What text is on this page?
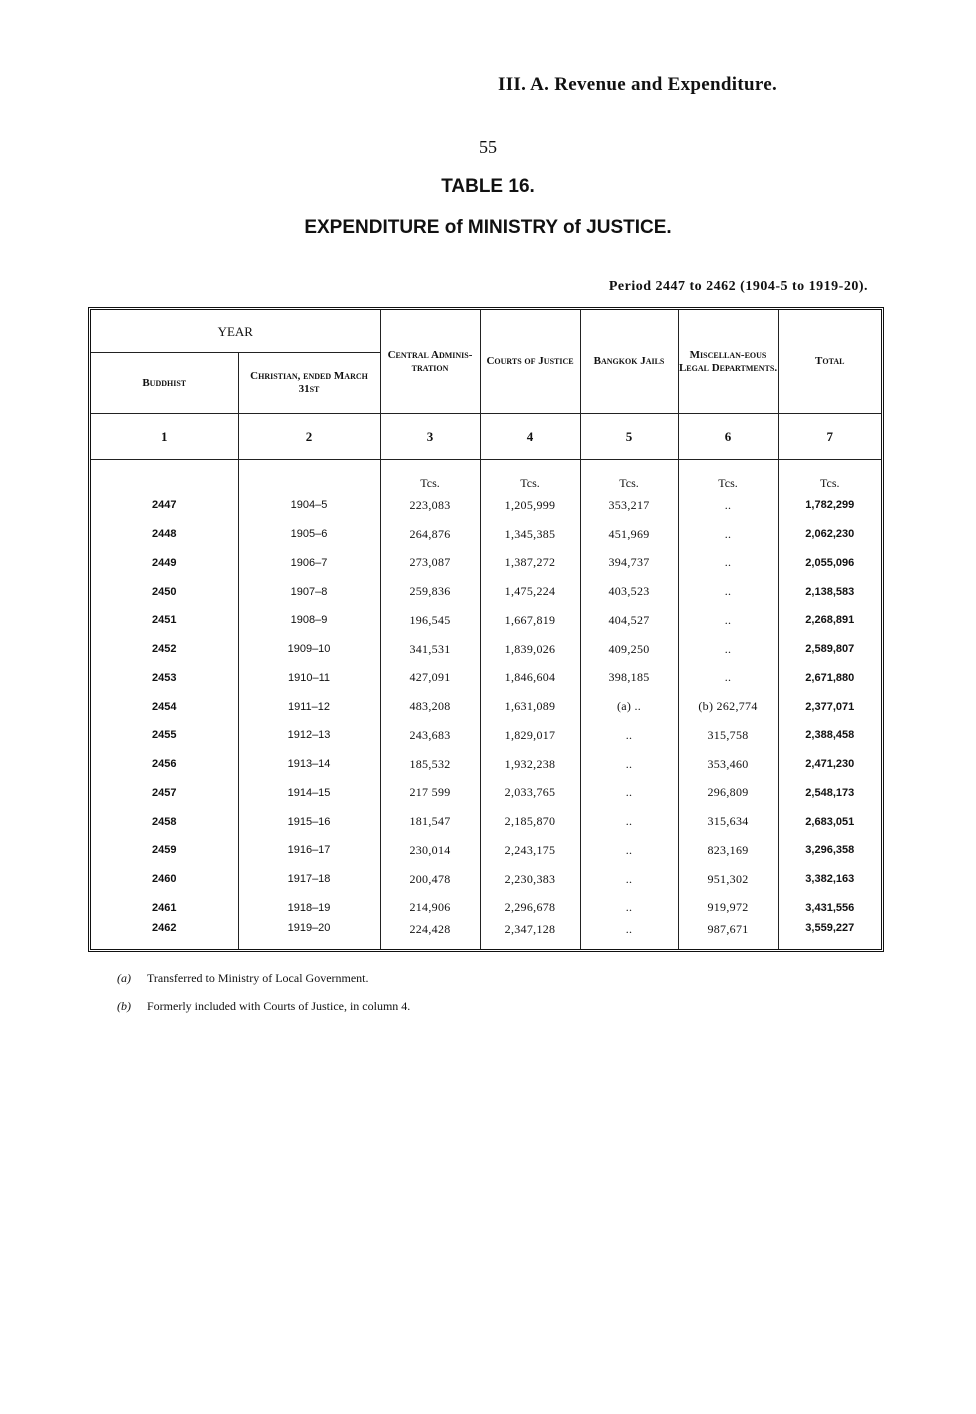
III. A. Revenue and Expenditure.
55
TABLE 16.
EXPENDITURE of MINISTRY of JUSTICE.
Period 2447 to 2462 (1904-5 to 1919-20).
YEAR		Central Adminis-tration	Courts of Justice	Bangkok Jails	Miscellan-eous Legal Departments.	Total
Buddhist	Christian, ended March 31st					
1	2	3	4	5	6	7
		Tcs.	Tcs.	Tcs.	Tcs.	Tcs.
2447	1904–5	223,083	1,205,999	353,217	..	1,782,299
2448	1905–6	264,876	1,345,385	451,969	..	2,062,230
2449	1906–7	273,087	1,387,272	394,737	..	2,055,096
2450	1907–8	259,836	1,475,224	403,523	..	2,138,583
2451	1908–9	196,545	1,667,819	404,527	..	2,268,891
2452	1909–10	341,531	1,839,026	409,250	..	2,589,807
2453	1910–11	427,091	1,846,604	398,185	..	2,671,880
2454	1911–12	483,208	1,631,089	(a) ..	(b) 262,774	2,377,071
2455	1912–13	243,683	1,829,017	..	315,758	2,388,458
2456	1913–14	185,532	1,932,238	..	353,460	2,471,230
2457	1914–15	217 599	2,033,765	..	296,809	2,548,173
2458	1915–16	181,547	2,185,870	..	315,634	2,683,051
2459	1916–17	230,014	2,243,175	..	823,169	3,296,358
2460	1917–18	200,478	2,230,383	..	951,302	3,382,163
2461	1918–19	214,906	2,296,678	..	919,972	3,431,556
2462	1919–20	224,428	2,347,128	..	987,671	3,559,227
(a) Transferred to Ministry of Local Government.
(b) Formerly included with Courts of Justice, in column 4.
